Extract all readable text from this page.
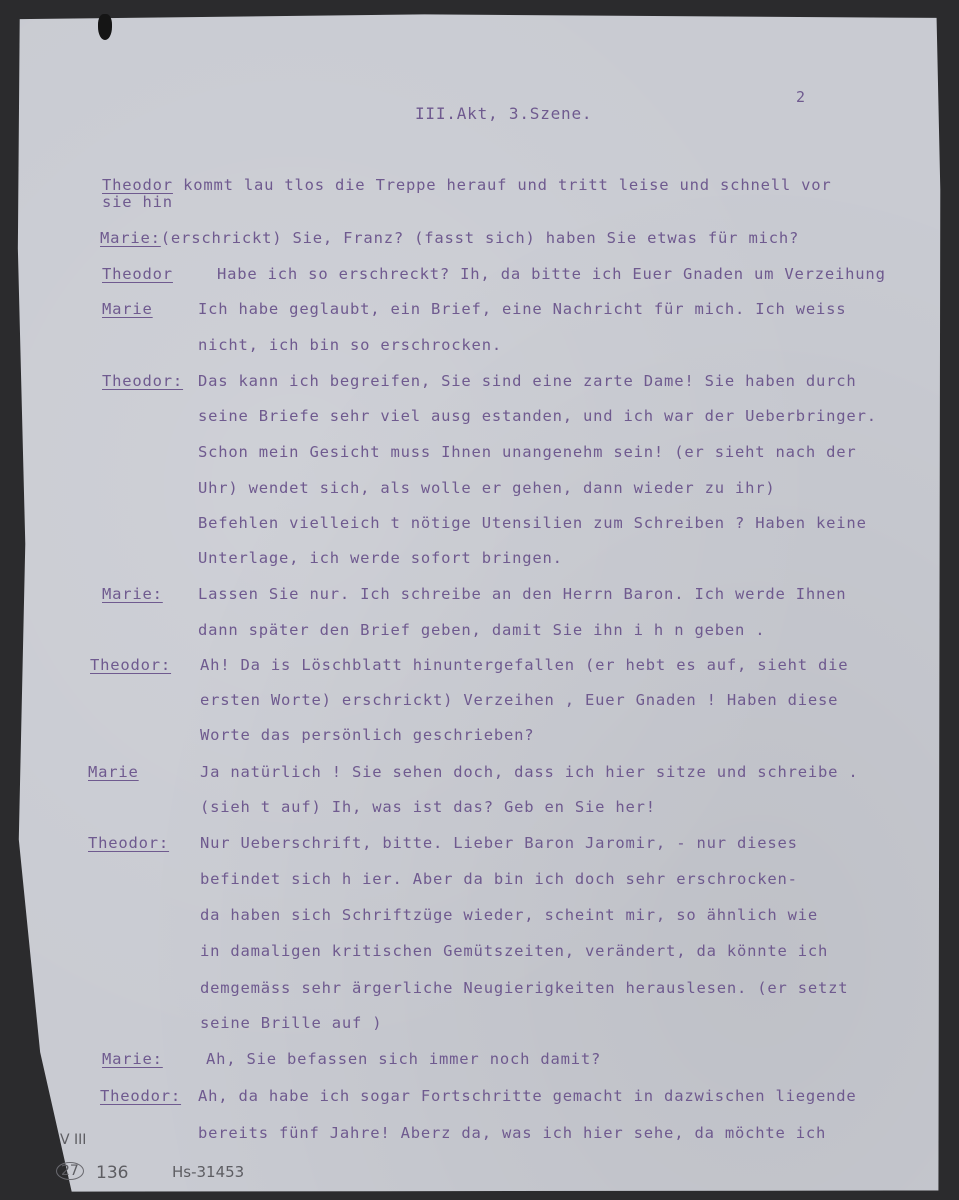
III.Akt, 3.Szene.
2
Theodor kommt lau tlos die Treppe herauf und tritt leise und schnell vor
sie hin
Marie:(erschrickt) Sie, Franz? (fasst sich) haben Sie etwas für mich?
Theodor	Habe ich so erschreckt? Ih, da bitte ich Euer Gnaden um Verzeihung
Marie	Ich habe geglaubt, ein Brief, eine Nachricht für mich. Ich weiss
nicht, ich bin so erschrocken.
Theodor: Das kann ich begreifen, Sie sind eine zarte Dame! Sie haben durch
seine Briefe sehr viel ausg estanden, und ich war der Ueberbringer.
Schon mein Gesicht muss Ihnen unangenehm sein! (er sieht nach der
Uhr) wendet sich, als wolle er gehen, dann wieder zu ihr)
Befehlen vielleich t nötige Utensilien zum Schreiben ? Haben keine
Unterlage, ich werde sofort bringen.
Marie: Lassen Sie nur. Ich schreibe an den Herrn Baron. Ich werde Ihnen
dann später den Brief geben, damit Sie ihn i h n geben .
Theodor: Ah! Da is Löschblatt hinuntergefallen (er hebt es auf, sieht die
ersten Worte) erschrickt) Verzeihen , Euer Gnaden ! Haben diese
Worte das persönlich geschrieben?
Marie	Ja natürlich ! Sie sehen doch, dass ich hier sitze und schreibe .
(sieh t auf) Ih, was ist das? Geb en Sie her!
Theodor: Nur Ueberschrift, bitte. Lieber Baron Jaromir, - nur dieses
befindet sich h ier. Aber da bin ich doch sehr erschrocken-
da haben sich Schriftzüge wieder, scheint mir, so ähnlich wie
in damaligen kritischen Gemütszeiten, verändert, da könnte ich
demgemäss sehr ärgerliche Neugierigkeiten herauslesen. (er setzt
seine Brille auf )
Marie:	Ah, Sie befassen sich immer noch damit?
Theodor: Ah, da habe ich sogar Fortschritte gemacht in dazwischen liegende
bereits fünf Jahre! Aberz da, was ich hier sehe, da möchte ich
V III
27 136	Hs-31453
